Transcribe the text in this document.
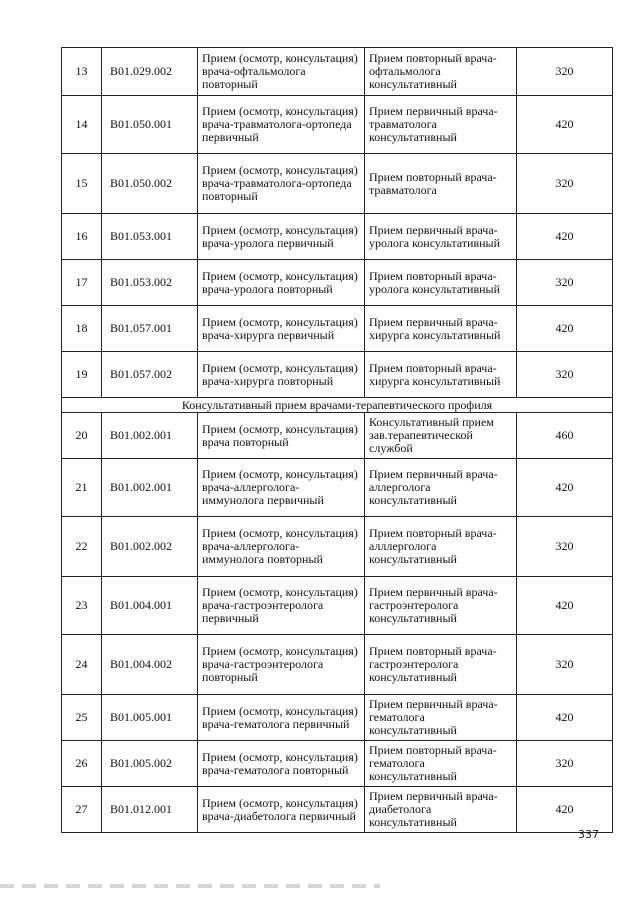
13	B01.029.002	Прием (осмотр, консультация) врача-офтальмолога повторный	Прием повторный врача-офтальмолога консультативный	320
14	B01.050.001	Прием (осмотр, консультация) врача-травматолога-ортопеда первичный	Прием первичный врача-травматолога консультативный	420
15	B01.050.002	Прием (осмотр, консультация) врача-травматолога-ортопеда повторный	Прием повторный врача-травматолога	320
16	B01.053.001	Прием (осмотр, консультация) врача-уролога первичный	Прием первичный врача-уролога консультативный	420
17	B01.053.002	Прием (осмотр, консультация) врача-уролога повторный	Прием повторный врача-уролога консультативный	320
18	B01.057.001	Прием (осмотр, консультация) врача-хирурга первичный	Прием первичный врача-хирурга консультативный	420
19	B01.057.002	Прием (осмотр, консультация) врача-хирурга повторный	Прием повторный врача-хирурга консультативный	320
Консультативный прием врачами-терапевтического профиля				
20	B01.002.001	Прием (осмотр, консультация) врача повторный	Консультативный прием зав.терапевтической службой	460
21	B01.002.001	Прием (осмотр, консультация) врача-аллерголога-иммунолога первичный	Прием первичный врача-аллерголога консультативный	420
22	B01.002.002	Прием (осмотр, консультация) врача-аллерголога-иммунолога повторный	Прием повторный врача-алллерголога консультативный	320
23	B01.004.001	Прием (осмотр, консультация) врача-гастроэнтеролога первичный	Прием первичный врача-гастроэнтеролога консультативный	420
24	B01.004.002	Прием (осмотр, консультация) врача-гастроэнтеролога повторный	Прием повторный врача-гастроэнтеролога консультативный	320
25	B01.005.001	Прием (осмотр, консультация) врача-гематолога первичный	Прием первичный врача-гематолога консультативный	420
26	B01.005.002	Прием (осмотр, консультация) врача-гематолога повторный	Прием повторный врача-гематолога консультативный	320
27	B01.012.001	Прием (осмотр, консультация) врача-диабетолога первичный	Прием первичный врача-диабетолога консультативный	420
337
